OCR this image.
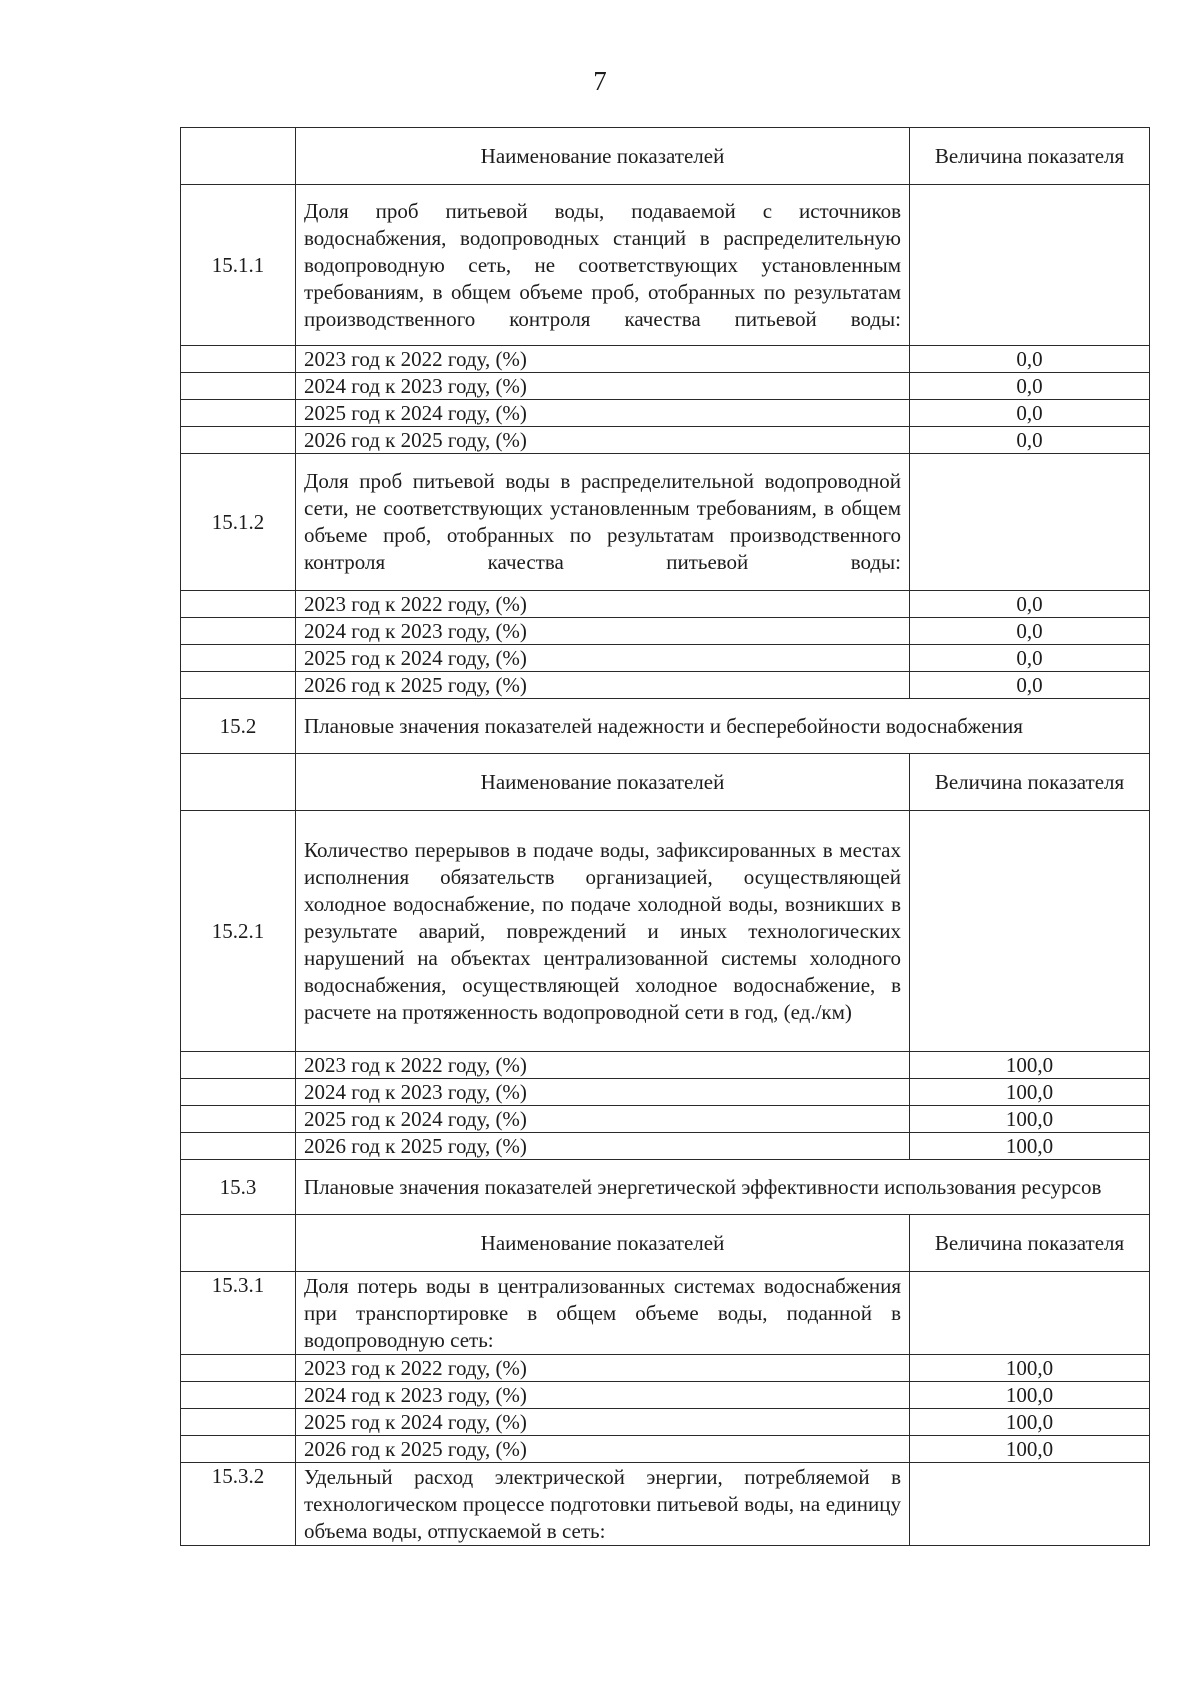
7
	Наименование показателей	Величина показателя
15.1.1	Доля проб питьевой воды, подаваемой с источников водоснабжения, водопроводных станций в распределительную водопроводную сеть, не соответствующих установленным требованиям, в общем объеме проб, отобранных по результатам производственного контроля качества питьевой воды:	
	2023 год к 2022 году, (%)	0,0
	2024 год к 2023 году, (%)	0,0
	2025 год к 2024 году, (%)	0,0
	2026 год к 2025 году, (%)	0,0
15.1.2	Доля проб питьевой воды в распределительной водопроводной сети, не соответствующих установленным требованиям, в общем объеме проб, отобранных по результатам производственного контроля качества питьевой воды:	
	2023 год к 2022 году, (%)	0,0
	2024 год к 2023 году, (%)	0,0
	2025 год к 2024 году, (%)	0,0
	2026 год к 2025 году, (%)	0,0
15.2	Плановые значения показателей надежности и бесперебойности водоснабжения	
	Наименование показателей	Величина показателя
15.2.1	Количество перерывов в подаче воды, зафиксированных в местах исполнения обязательств организацией, осуществляющей холодное водоснабжение, по подаче холодной воды, возникших в результате аварий, повреждений и иных технологических нарушений на объектах централизованной системы холодного водоснабжения, осуществляющей холодное водоснабжение, в расчете на протяженность водопроводной сети в год, (ед./км)	
	2023 год к 2022 году, (%)	100,0
	2024 год к 2023 году, (%)	100,0
	2025 год к 2024 году, (%)	100,0
	2026 год к 2025 году, (%)	100,0
15.3	Плановые значения показателей энергетической эффективности использования ресурсов	
	Наименование показателей	Величина показателя
15.3.1	Доля потерь воды в централизованных системах водоснабжения при транспортировке в общем объеме воды, поданной в водопроводную сеть:	
	2023 год к 2022 году, (%)	100,0
	2024 год к 2023 году, (%)	100,0
	2025 год к 2024 году, (%)	100,0
	2026 год к 2025 году, (%)	100,0
15.3.2	Удельный расход электрической энергии, потребляемой в технологическом процессе подготовки питьевой воды, на единицу объема воды, отпускаемой в сеть:	
